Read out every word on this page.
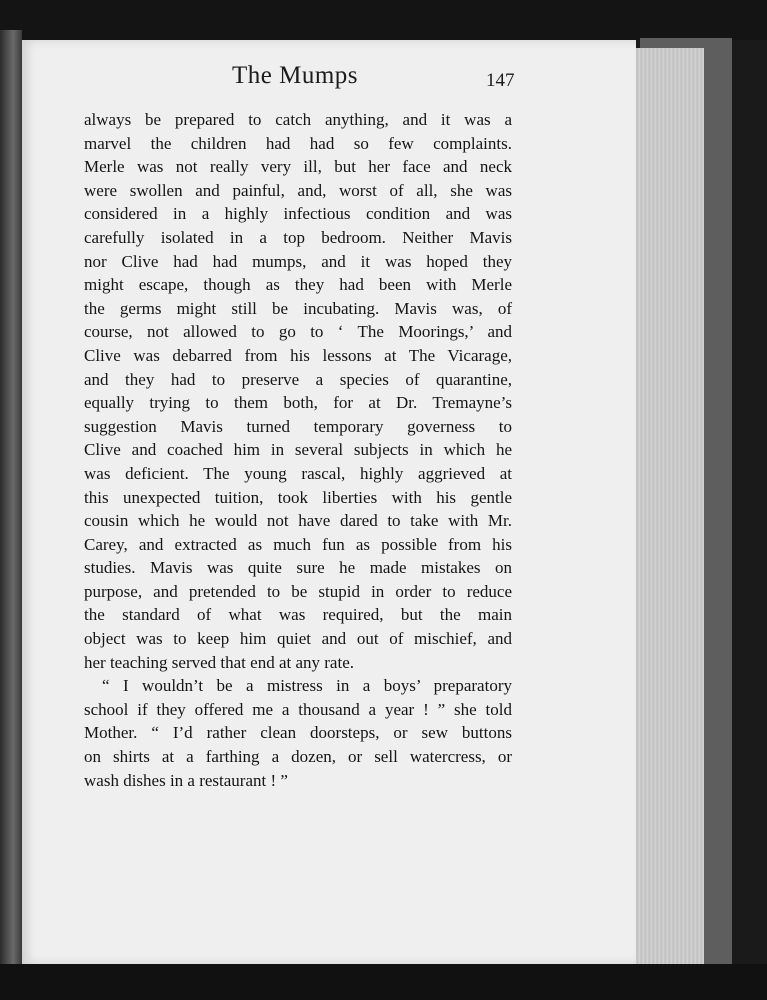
The Mumps	147
always be prepared to catch anything, and it was a
marvel the children had had so few complaints.
Merle was not really very ill, but her face and neck
were swollen and painful, and, worst of all, she was
considered in a highly infectious condition and was
carefully isolated in a top bedroom. Neither Mavis
nor Clive had had mumps, and it was hoped they
might escape, though as they had been with Merle
the germs might still be incubating. Mavis was, of
course, not allowed to go to ‘ The Moorings,’ and
Clive was debarred from his lessons at The Vicarage,
and they had to preserve a species of quarantine,
equally trying to them both, for at Dr. Tremayne’s
suggestion Mavis turned temporary governess to
Clive and coached him in several subjects in which he
was deficient. The young rascal, highly aggrieved at
this unexpected tuition, took liberties with his gentle
cousin which he would not have dared to take with Mr.
Carey, and extracted as much fun as possible from his
studies. Mavis was quite sure he made mistakes on
purpose, and pretended to be stupid in order to reduce
the standard of what was required, but the main
object was to keep him quiet and out of mischief, and
her teaching served that end at any rate.
“ I wouldn’t be a mistress in a boys’ preparatory
school if they offered me a thousand a year ! ” she told
Mother. “ I’d rather clean doorsteps, or sew buttons
on shirts at a farthing a dozen, or sell watercress, or
wash dishes in a restaurant ! ”
